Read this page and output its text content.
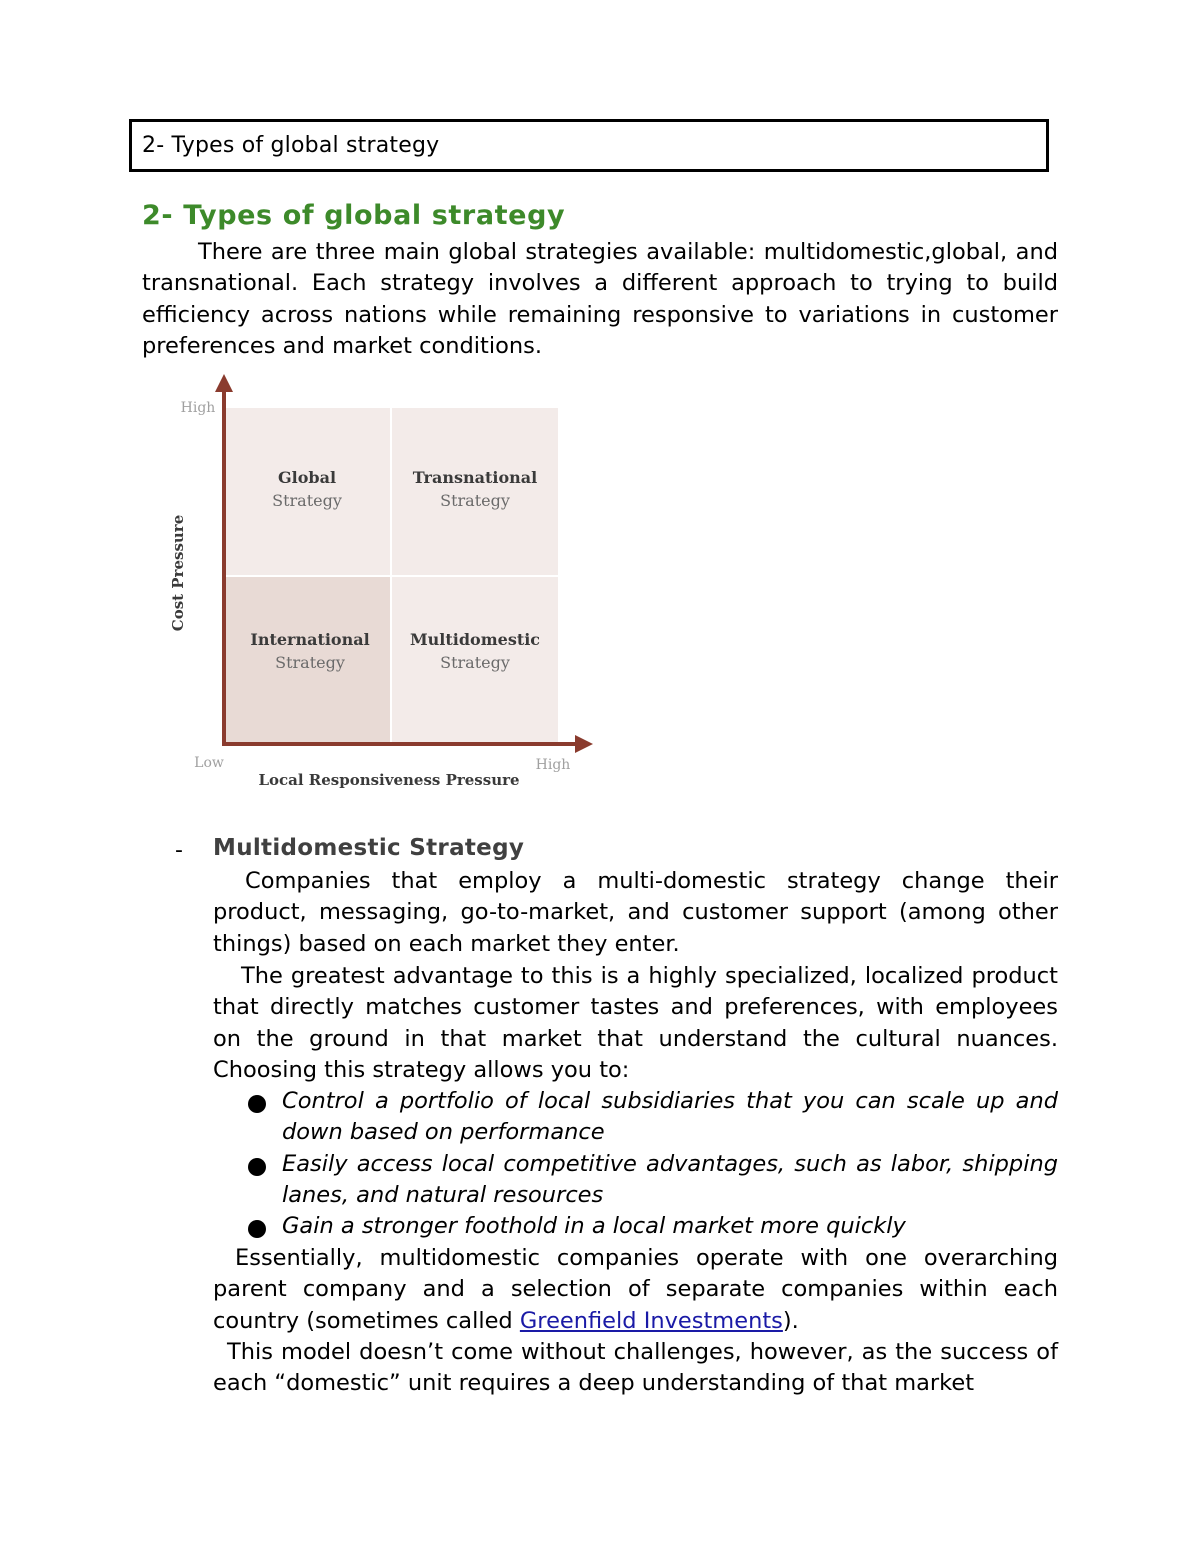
2- Types of global strategy
2- Types of global strategy

There are three main global strategies available: multidomestic,global, and transnational. Each strategy involves a different approach to trying to build efficiency across nations while remaining responsive to variations in customer preferences and market conditions.

High
Low	High
Cost Pressure
Local Responsiveness Pressure
Global
Strategy
Transnational
Strategy
International
Strategy
Multidomestic
Strategy
- Multidomestic Strategy

Companies that employ a multi-domestic strategy change their product, messaging, go-to-market, and customer support (among other things) based on each market they enter.

The greatest advantage to this is a highly specialized, localized product that directly matches customer tastes and preferences, with employees on the ground in that market that understand the cultural nuances. Choosing this strategy allows you to:

Control a portfolio of local subsidiaries that you can scale up and down based on performance
Easily access local competitive advantages, such as labor, shipping lanes, and natural resources
Gain a stronger foothold in a local market more quickly

Essentially, multidomestic companies operate with one overarching parent company and a selection of separate companies within each country (sometimes called Greenfield Investments).

This model doesn’t come without challenges, however, as the success of each “domestic” unit requires a deep understanding of that market
